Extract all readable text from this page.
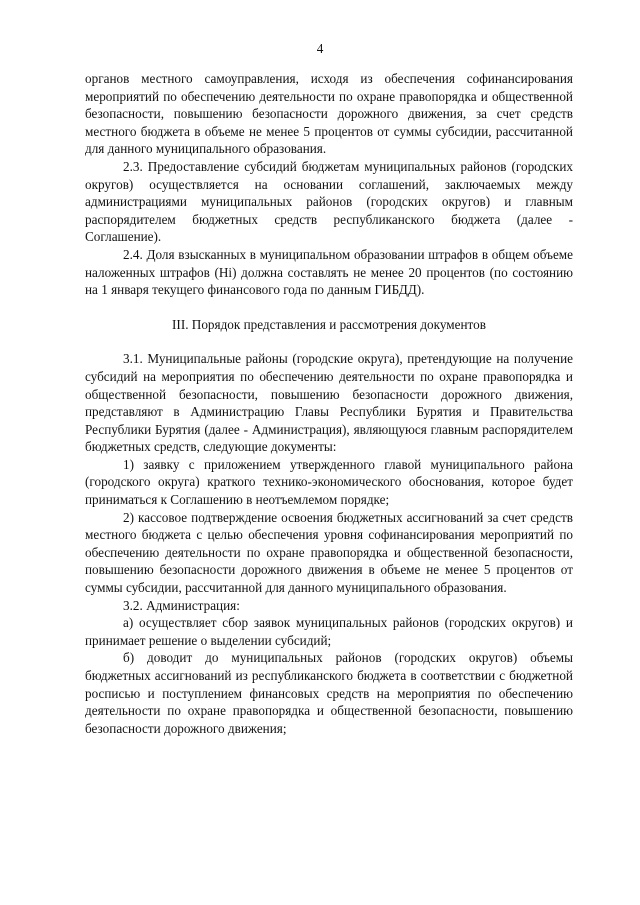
4

органов местного самоуправления, исходя из обеспечения софинансирования мероприятий по обеспечению деятельности по охране правопорядка и общественной безопасности, повышению безопасности дорожного движения, за счет средств местного бюджета в объеме не менее 5 процентов от суммы субсидии, рассчитанной для данного муниципального образования.

2.3. Предоставление субсидий бюджетам муниципальных районов (городских округов) осуществляется на основании соглашений, заключаемых между администрациями муниципальных районов (городских округов) и главным распорядителем бюджетных средств республиканского бюджета (далее - Соглашение).

2.4. Доля взысканных в муниципальном образовании штрафов в общем объеме наложенных штрафов (Hi) должна составлять не менее 20 процентов (по состоянию на 1 января текущего финансового года по данным ГИБДД).

III. Порядок представления и рассмотрения документов

3.1. Муниципальные районы (городские округа), претендующие на получение субсидий на мероприятия по обеспечению деятельности по охране правопорядка и общественной безопасности, повышению безопасности дорожного движения, представляют в Администрацию Главы Республики Бурятия и Правительства Республики Бурятия (далее - Администрация), являющуюся главным распорядителем бюджетных средств, следующие документы:

1) заявку с приложением утвержденного главой муниципального района (городского округа) краткого технико-экономического обоснования, которое будет приниматься к Соглашению в неотъемлемом порядке;

2) кассовое подтверждение освоения бюджетных ассигнований за счет средств местного бюджета с целью обеспечения уровня софинансирования мероприятий по обеспечению деятельности по охране правопорядка и общественной безопасности, повышению безопасности дорожного движения в объеме не менее 5 процентов от суммы субсидии, рассчитанной для данного муниципального образования.

3.2. Администрация:

а) осуществляет сбор заявок муниципальных районов (городских округов) и принимает решение о выделении субсидий;

б) доводит до муниципальных районов (городских округов) объемы бюджетных ассигнований из республиканского бюджета в соответствии с бюджетной росписью и поступлением финансовых средств на мероприятия по обеспечению деятельности по охране правопорядка и общественной безопасности, повышению безопасности дорожного движения;
